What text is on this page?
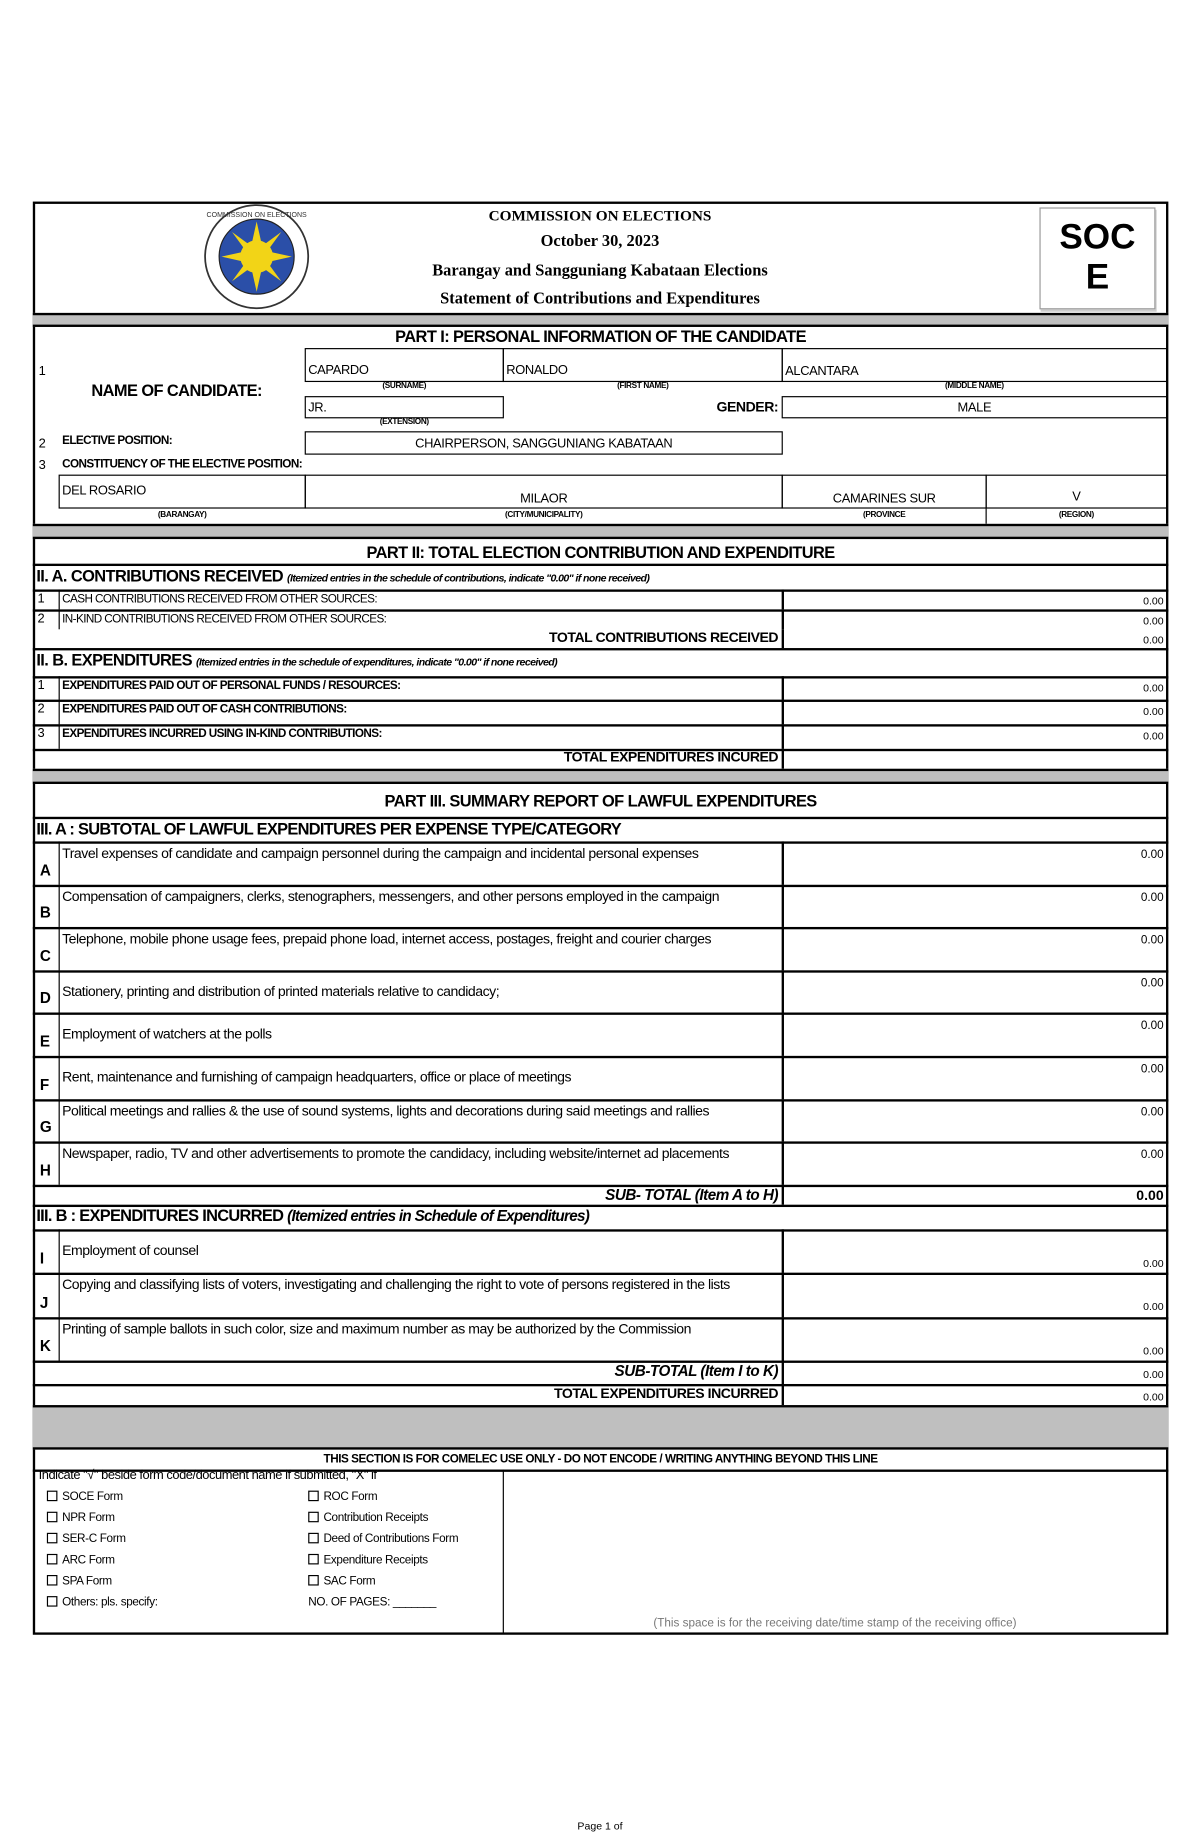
COMMISSION ON ELECTIONS	COMMISSION ON ELECTIONS
October 30, 2023
Barangay and Sangguniang Kabataan Elections
Statement of Contributions and Expenditures
SOC
E
PART I: PERSONAL INFORMATION OF THE CANDIDATE
1
NAME OF CANDIDATE:
CAPARDO	RONALDO	ALCANTARA
(SURNAME)	(FIRST NAME)	(MIDDLE NAME)
JR.
(EXTENSION)
GENDER:	MALE
2 ELECTIVE POSITION:	CHAIRPERSON, SANGGUNIANG KABATAAN
3 CONSTITUENCY OF THE ELECTIVE POSITION:
DEL ROSARIO
MILAOR	CAMARINES SUR	V
(BARANGAY)	(CITY/MUNICIPALITY)	(PROVINCE	(REGION)
PART II: TOTAL ELECTION CONTRIBUTION AND EXPENDITURE
II. A. CONTRIBUTIONS RECEIVED (Itemized entries in the schedule of contributions, indicate "0.00" if none received)
TOTAL CONTRIBUTIONS RECEIVED	0.00
II. B. EXPENDITURES (Itemized entries in the schedule of expenditures, indicate "0.00" if none received)
TOTAL EXPENDITURES INCURED
PART III. SUMMARY REPORT OF LAWFUL EXPENDITURES
III. A : SUBTOTAL OF LAWFUL EXPENDITURES PER EXPENSE TYPE/CATEGORY
SUB- TOTAL (Item A to H)	0.00
III. B : EXPENDITURES INCURRED (Itemized entries in Schedule of Expenditures)
SUB-TOTAL (Item I to K)	0.00
TOTAL EXPENDITURES INCURRED	0.00
THIS SECTION IS FOR COMELEC USE ONLY - DO NOT ENCODE / WRITING ANYTHING BEYOND THIS LINE
Indicate "√" beside form code/document name if submitted, "X" if
NO. OF PAGES: _______
(This space is for the receiving date/time stamp of the receiving office)
Page 1 of
1 CASH CONTRIBUTIONS RECEIVED FROM OTHER SOURCES:	0.00
2 IN-KIND CONTRIBUTIONS RECEIVED FROM OTHER SOURCES:	0.00
1 EXPENDITURES PAID OUT OF PERSONAL FUNDS / RESOURCES:	0.00
2 EXPENDITURES PAID OUT OF CASH CONTRIBUTIONS:	0.00
3 EXPENDITURES INCURRED USING IN-KIND CONTRIBUTIONS:	0.00
A
Travel expenses of candidate and campaign personnel during the campaign and incidental personal expenses	0.00
B
Compensation of campaigners, clerks, stenographers, messengers, and other persons employed in the campaign	0.00
C
Telephone, mobile phone usage fees, prepaid phone load, internet access, postages, freight and courier charges	0.00
D Stationery, printing and distribution of printed materials relative to candidacy;	0.00
E Employment of watchers at the polls	0.00
F Rent, maintenance and furnishing of campaign headquarters, office or place of meetings	0.00
G
Political meetings and rallies & the use of sound systems, lights and decorations during said meetings and rallies	0.00
H
Newspaper, radio, TV and other advertisements to promote the candidacy, including website/internet ad placements	0.00
I Employment of counsel
0.00
J
Copying and classifying lists of voters, investigating and challenging the right to vote of persons registered in the lists
0.00
K
Printing of sample ballots in such color, size and maximum number as may be authorized by the Commission
0.00
SOCE Form
NPR Form
SER-C Form
ARC Form
SPA Form
Others: pls. specify:
ROC Form
Contribution Receipts
Deed of Contributions Form
Expenditure Receipts
SAC Form
